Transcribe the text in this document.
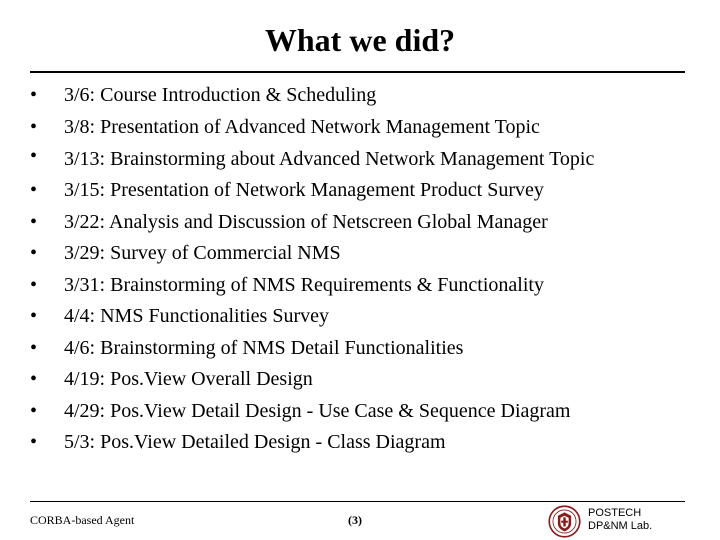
What we did?
• 3/6: Course Introduction & Scheduling
• 3/8: Presentation of Advanced Network Management Topic
• 3/13: Brainstorming about Advanced Network Management Topic
• 3/15: Presentation of Network Management Product Survey
• 3/22: Analysis and Discussion of Netscreen Global Manager
• 3/29: Survey of Commercial NMS
• 3/31: Brainstorming of NMS Requirements & Functionality
• 4/4: NMS Functionalities Survey
• 4/6: Brainstorming of NMS Detail Functionalities
• 4/19: Pos.View Overall Design
• 4/29: Pos.View Detail Design - Use Case & Sequence Diagram
• 5/3: Pos.View Detailed Design - Class Diagram
CORBA-based Agent	(3)	POSTECH
DP&NM Lab.
